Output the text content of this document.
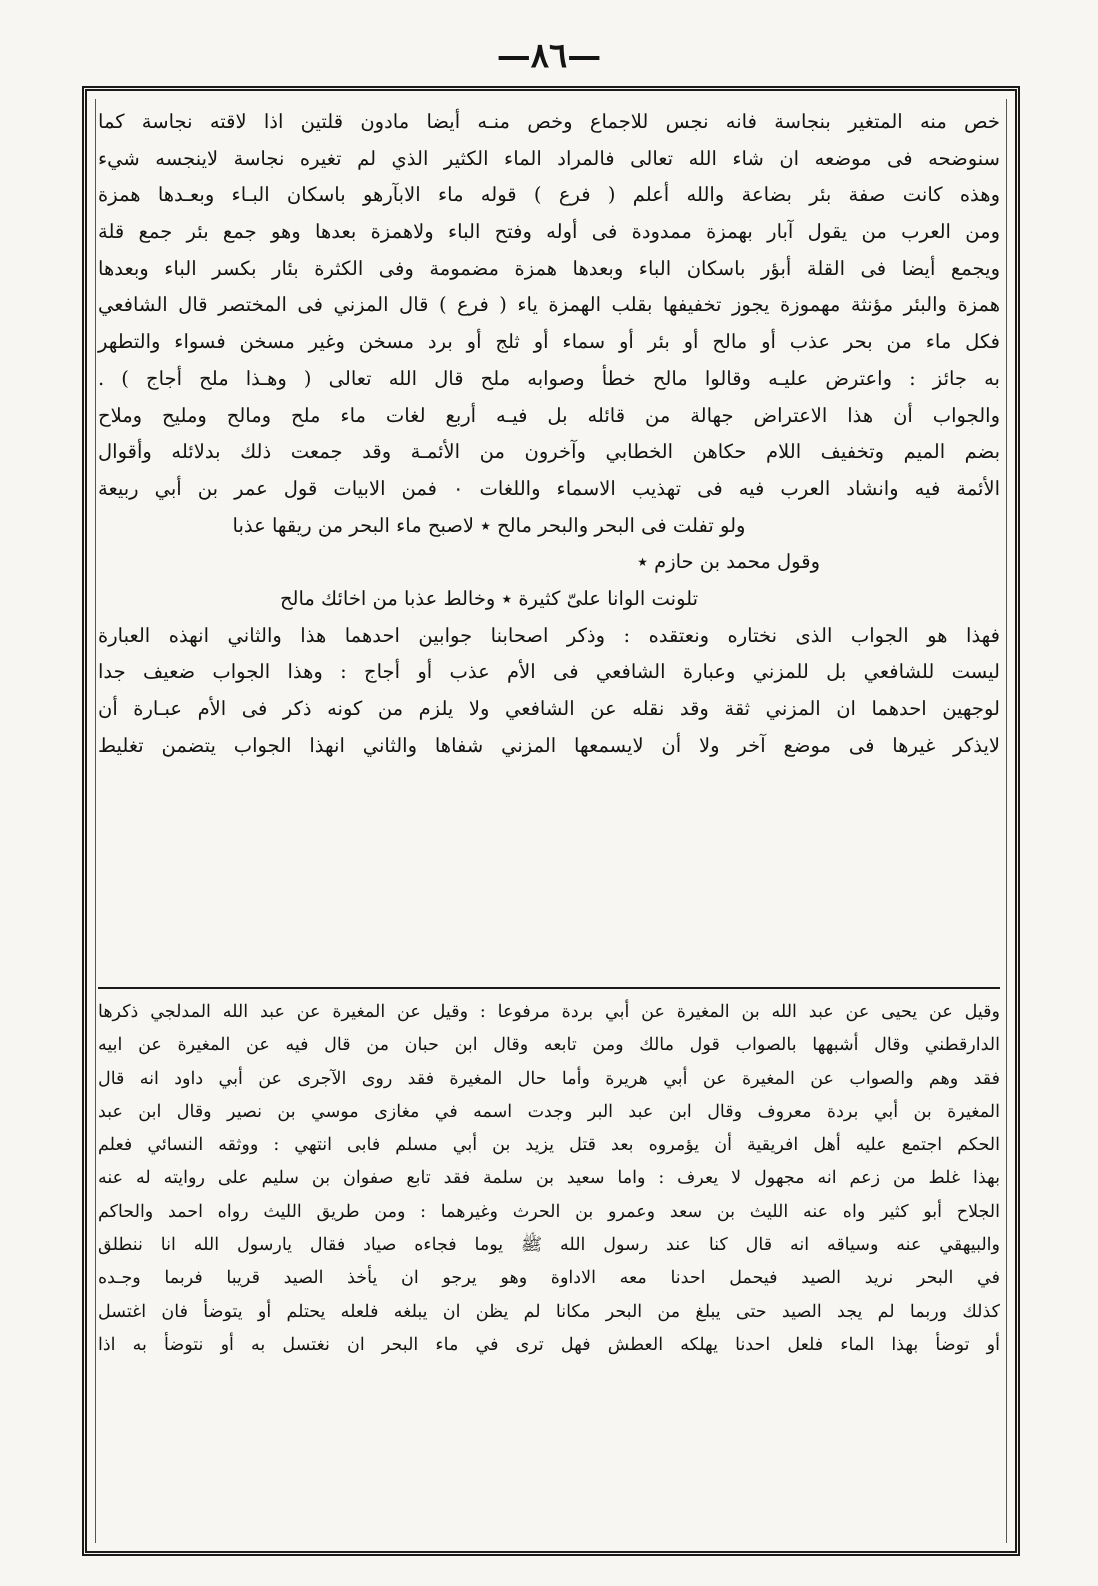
—٨٦—
خص منه المتغير بنجاسة فانه نجس للاجماع وخص منـه أيضا مادون قلتين اذا لاقته نجاسة كما
سنوضحه فى موضعه ان شاء الله تعالى فالمراد الماء الكثير الذي لم تغيره نجاسة لاينجسه شيء
وهذه كانت صفة بئر بضاعة والله أعلم ( فرع ) قوله ماء الابآرهو باسكان البـاء وبعـدها همزة
ومن العرب من يقول آبار بهمزة ممدودة فى أوله وفتح الباء ولاهمزة بعدها وهو جمع بئر جمع قلة
ويجمع أيضا فى القلة أبؤر باسكان الباء وبعدها همزة مضمومة وفى الكثرة بئار بكسر الباء وبعدها
همزة والبئر مؤنثة مهموزة يجوز تخفيفها بقلب الهمزة ياء ( فرع ) قال المزني فى المختصر قال الشافعي
فكل ماء من بحر عذب أو مالح أو بئر أو سماء أو ثلج أو برد مسخن وغير مسخن فسواء والتطهر
به جائز : واعترض عليـه وقالوا مالح خطأ وصوابه ملح قال الله تعالى ( وهـذا ملح أجاج ) .
والجواب أن هذا الاعتراض جهالة من قائله بل فيـه أربع لغات ماء ملح ومالح ومليح وملاح
بضم الميم وتخفيف اللام حكاهن الخطابي وآخرون من الأئمـة وقد جمعت ذلك بدلائله وأقوال
الأئمة فيه وانشاد العرب فيه فى تهذيب الاسماء واللغات ٠ فمن الابيات قول عمر بن أبي ربيعة
ولو تفلت فى البحر والبحر مالح ٭ لاصبح ماء البحر من ريقها عذبا
وقول محمد بن حازم ٭
تلونت الوانا علىّ كثيرة ٭ وخالط عذبا من اخائك مالح
فهذا هو الجواب الذى نختاره ونعتقده : وذكر اصحابنا جوابين احدهما هذا والثاني انهذه العبارة
ليست للشافعي بل للمزني وعبارة الشافعي فى الأم عذب أو أجاج : وهذا الجواب ضعيف جدا
لوجهين احدهما ان المزني ثقة وقد نقله عن الشافعي ولا يلزم من كونه ذكر فى الأم عبـارة أن
لايذكر غيرها فى موضع آخر ولا أن لايسمعها المزني شفاها والثاني انهذا الجواب يتضمن تغليط
وقيل عن يحيى عن عبد الله بن المغيرة عن أبي بردة مرفوعا : وقيل عن المغيرة عن عبد الله المدلجي ذكرها
الدارقطني وقال أشبهها بالصواب قول مالك ومن تابعه وقال ابن حبان من قال فيه عن المغيرة عن ابيه
فقد وهم والصواب عن المغيرة عن أبي هريرة وأما حال المغيرة فقد روى الآجرى عن أبي داود انه قال
المغيرة بن أبي بردة معروف وقال ابن عبد البر وجدت اسمه في مغازى موسي بن نصير وقال ابن عبد
الحكم اجتمع عليه أهل افريقية أن يؤمروه بعد قتل يزيد بن أبي مسلم فابى انتهي : ووثقه النسائي فعلم
بهذا غلط من زعم انه مجهول لا يعرف : واما سعيد بن سلمة فقد تابع صفوان بن سليم على روايته له عنه
الجلاح أبو كثير واه عنه الليث بن سعد وعمرو بن الحرث وغيرهما : ومن طريق الليث رواه احمد والحاكم
والبيهقي عنه وسياقه انه قال كنا عند رسول الله ﷺ يوما فجاءه صياد فقال يارسول الله انا ننطلق
في البحر نريد الصيد فيحمل احدنا معه الاداوة وهو يرجو ان يأخذ الصيد قريبا فربما وجـده
كذلك وربما لم يجد الصيد حتى يبلغ من البحر مكانا لم يظن ان يبلغه فلعله يحتلم أو يتوضأ فان اغتسل
أو توضأ بهذا الماء فلعل احدنا يهلكه العطش فهل ترى في ماء البحر ان نغتسل به أو نتوضأ به اذا
